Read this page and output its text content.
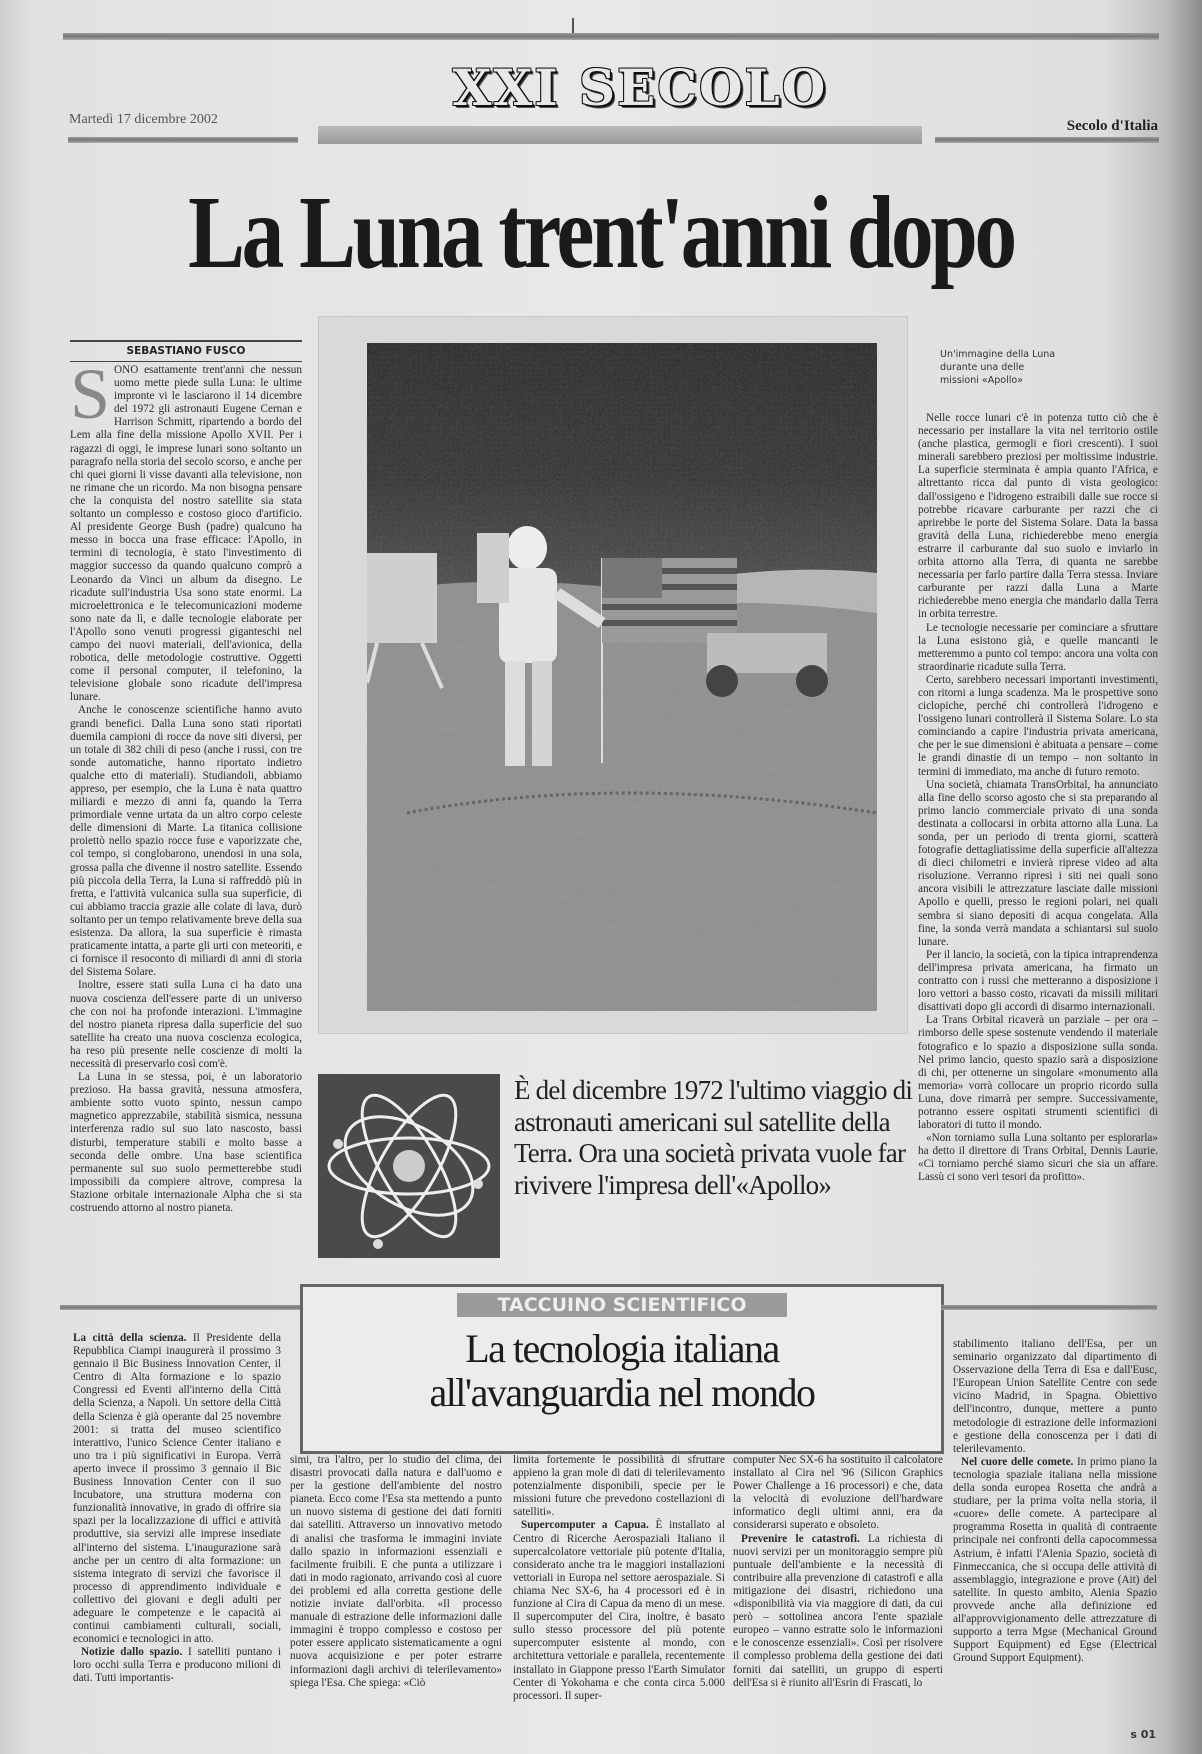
XXI SECOLO
Martedì 17 dicembre 2002	Secolo d'Italia
La Luna trent'anni dopo
SEBASTIANO FUSCO

SONO esattamente trent'anni che nessun uomo mette piede sulla Luna: le ultime impronte vi le lasciarono il 14 dicembre del 1972 gli astronauti Eugene Cernan e Harrison Schmitt, ripartendo a bordo del Lem alla fine della missione Apollo XVII. Per i ragazzi di oggi, le imprese lunari sono soltanto un paragrafo nella storia del secolo scorso, e anche per chi quei giorni li visse davanti alla televisione, non ne rimane che un ricordo. Ma non bisogna pensare che la conquista del nostro satellite sia stata soltanto un complesso e costoso gioco d'artificio. Al presidente George Bush (padre) qualcuno ha messo in bocca una frase efficace: l'Apollo, in termini di tecnologia, è stato l'investimento di maggior successo da quando qualcuno comprò a Leonardo da Vinci un album da disegno. Le ricadute sull'industria Usa sono state enormi. La microelettronica e le telecomunicazioni moderne sono nate da lì, e dalle tecnologie elaborate per l'Apollo sono venuti progressi giganteschi nel campo dei nuovi materiali, dell'avionica, della robotica, delle metodologie costruttive. Oggetti come il personal computer, il telefonino, la televisione globale sono ricadute dell'impresa lunare.

Anche le conoscenze scientifiche hanno avuto grandi benefici. Dalla Luna sono stati riportati duemila campioni di rocce da nove siti diversi, per un totale di 382 chili di peso (anche i russi, con tre sonde automatiche, hanno riportato indietro qualche etto di materiali). Studiandoli, abbiamo appreso, per esempio, che la Luna è nata quattro miliardi e mezzo di anni fa, quando la Terra primordiale venne urtata da un altro corpo celeste delle dimensioni di Marte. La titanica collisione proiettò nello spazio rocce fuse e vaporizzate che, col tempo, si conglobarono, unendosi in una sola, grossa palla che divenne il nostro satellite. Essendo più piccola della Terra, la Luna si raffreddò più in fretta, e l'attività vulcanica sulla sua superficie, di cui abbiamo traccia grazie alle colate di lava, durò soltanto per un tempo relativamente breve della sua esistenza. Da allora, la sua superficie è rimasta praticamente intatta, a parte gli urti con meteoriti, e ci fornisce il resoconto di miliardi di anni di storia del Sistema Solare.

Inoltre, essere stati sulla Luna ci ha dato una nuova coscienza dell'essere parte di un universo che con noi ha profonde interazioni. L'immagine del nostro pianeta ripresa dalla superficie del suo satellite ha creato una nuova coscienza ecologica, ha reso più presente nelle coscienze di molti la necessità di preservarlo così com'è.

La Luna in se stessa, poi, è un laboratorio prezioso. Ha bassa gravità, nessuna atmosfera, ambiente sotto vuoto spinto, nessun campo magnetico apprezzabile, stabilità sismica, nessuna interferenza radio sul suo lato nascosto, bassi disturbi, temperature stabili e molto basse a seconda delle ombre. Una base scientifica permanente sul suo suolo permetterebbe studi impossibili da compiere altrove, compresa la Stazione orbitale internazionale Alpha che si sta costruendo attorno al nostro pianeta.

Un'immagine della Luna durante una delle missioni «Apollo»

Nelle rocce lunari c'è in potenza tutto ciò che è necessario per installare la vita nel territorio ostile (anche plastica, germogli e fiori crescenti). I suoi minerali sarebbero preziosi per moltissime industrie. La superficie sterminata è ampia quanto l'Africa, e altrettanto ricca dal punto di vista geologico: dall'ossigeno e l'idrogeno estraibili dalle sue rocce si potrebbe ricavare carburante per razzi che ci aprirebbe le porte del Sistema Solare. Data la bassa gravità della Luna, richiederebbe meno energia estrarre il carburante dal suo suolo e inviarlo in orbita attorno alla Terra, di quanta ne sarebbe necessaria per farlo partire dalla Terra stessa. Inviare carburante per razzi dalla Luna a Marte richiederebbe meno energia che mandarlo dalla Terra in orbita terrestre.

Le tecnologie necessarie per cominciare a sfruttare la Luna esistono già, e quelle mancanti le metteremmo a punto col tempo: ancora una volta con straordinarie ricadute sulla Terra.

Certo, sarebbero necessari importanti investimenti, con ritorni a lunga scadenza. Ma le prospettive sono ciclopiche, perché chi controllerà l'idrogeno e l'ossigeno lunari controllerà il Sistema Solare. Lo sta cominciando a capire l'industria privata americana, che per le sue dimensioni è abituata a pensare – come le grandi dinastie di un tempo – non soltanto in termini di immediato, ma anche di futuro remoto.

Una società, chiamata TransOrbital, ha annunciato alla fine dello scorso agosto che si sta preparando al primo lancio commerciale privato di una sonda destinata a collocarsi in orbita attorno alla Luna. La sonda, per un periodo di trenta giorni, scatterà fotografie dettagliatissime della superficie all'altezza di dieci chilometri e invierà riprese video ad alta risoluzione. Verranno ripresi i siti nei quali sono ancora visibili le attrezzature lasciate dalle missioni Apollo e quelli, presso le regioni polari, nei quali sembra si siano depositi di acqua congelata. Alla fine, la sonda verrà mandata a schiantarsi sul suolo lunare.

Per il lancio, la società, con la tipica intraprendenza dell'impresa privata americana, ha firmato un contratto con i russi che metteranno a disposizione i loro vettori a basso costo, ricavati da missili militari disattivati dopo gli accordi di disarmo internazionali.

La Trans Orbital ricaverà un parziale – per ora – rimborso delle spese sostenute vendendo il materiale fotografico e lo spazio a disposizione sulla sonda. Nel primo lancio, questo spazio sarà a disposizione di chi, per ottenerne un singolare «monumento alla memoria» vorrà collocare un proprio ricordo sulla Luna, dove rimarrà per sempre. Successivamente, potranno essere ospitati strumenti scientifici di laboratori di tutto il mondo.

«Non torniamo sulla Luna soltanto per esplorarla» ha detto il direttore di Trans Orbital, Dennis Laurie. «Ci torniamo perché siamo sicuri che sia un affare. Lassù ci sono veri tesori da profitto».

È del dicembre 1972 l'ultimo viaggio di astronauti americani sul satellite della Terra. Ora una società privata vuole far rivivere l'impresa dell'«Apollo»
TACCUINO SCIENTIFICO
La tecnologia italiana
all'avanguardia nel mondo

La città della scienza. Il Presidente della Repubblica Ciampi inaugurerà il prossimo 3 gennaio il Bic Business Innovation Center, il Centro di Alta formazione e lo spazio Congressi ed Eventi all'interno della Città della Scienza, a Napoli. Un settore della Città della Scienza è già operante dal 25 novembre 2001: si tratta del museo scientifico interattivo, l'unico Science Center italiano e uno tra i più significativi in Europa. Verrà aperto invece il prossimo 3 gennaio il Bic Business Innovation Center con il suo Incubatore, una struttura moderna con funzionalità innovative, in grado di offrire sia spazi per la localizzazione di uffici e attività produttive, sia servizi alle imprese insediate all'interno del sistema. L'inaugurazione sarà anche per un centro di alta formazione: un sistema integrato di servizi che favorisce il processo di apprendimento individuale e collettivo dei giovani e degli adulti per adeguare le competenze e le capacità ai continui cambiamenti culturali, sociali, economici e tecnologici in atto.

Notizie dallo spazio. I satelliti puntano i loro occhi sulla Terra e producono milioni di dati. Tutti importantis-

simi, tra l'altro, per lo studio del clima, dei disastri provocati dalla natura e dall'uomo e per la gestione dell'ambiente del nostro pianeta. Ecco come l'Esa sta mettendo a punto un nuovo sistema di gestione dei dati forniti dai satelliti. Attraverso un innovativo metodo di analisi che trasforma le immagini inviate dallo spazio in informazioni essenziali e facilmente fruibili. E che punta a utilizzare i dati in modo ragionato, arrivando così al cuore dei problemi ed alla corretta gestione delle notizie inviate dall'orbita. «Il processo manuale di estrazione delle informazioni dalle immagini è troppo complesso e costoso per poter essere applicato sistematicamente a ogni nuova acquisizione e per poter estrarre informazioni dagli archivi di telerilevamento» spiega l'Esa. Che spiega: «Ciò

limita fortemente le possibilità di sfruttare appieno la gran mole di dati di telerilevamento potenzialmente disponibili, specie per le missioni future che prevedono costellazioni di satelliti».

Supercomputer a Capua. È installato al Centro di Ricerche Aerospaziali Italiano il supercalcolatore vettoriale più potente d'Italia, considerato anche tra le maggiori installazioni vettoriali in Europa nel settore aerospaziale. Si chiama Nec SX-6, ha 4 processori ed è in funzione al Cira di Capua da meno di un mese. Il supercomputer del Cira, inoltre, è basato sullo stesso processore del più potente supercomputer esistente al mondo, con architettura vettoriale e parallela, recentemente installato in Giappone presso l'Earth Simulator Center di Yokohama e che conta circa 5.000 processori. Il super-

computer Nec SX-6 ha sostituito il calcolatore installato al Cira nel '96 (Silicon Graphics Power Challenge a 16 processori) e che, data la velocità di evoluzione dell'hardware informatico degli ultimi anni, era da considerarsi superato e obsoleto.

Prevenire le catastrofi. La richiesta di nuovi servizi per un monitoraggio sempre più puntuale dell'ambiente e la necessità di contribuire alla prevenzione di catastrofi e alla mitigazione dei disastri, richiedono una «disponibilità via via maggiore di dati, da cui però – sottolinea ancora l'ente spaziale europeo – vanno estratte solo le informazioni e le conoscenze essenziali». Così per risolvere il complesso problema della gestione dei dati forniti dai satelliti, un gruppo di esperti dell'Esa si è riunito all'Esrin di Frascati, lo

stabilimento italiano dell'Esa, per un seminario organizzato dal dipartimento di Osservazione della Terra di Esa e dall'Eusc, l'European Union Satellite Centre con sede vicino Madrid, in Spagna. Obiettivo dell'incontro, dunque, mettere a punto metodologie di estrazione delle informazioni e gestione della conoscenza per i dati di telerilevamento.

Nel cuore delle comete. In primo piano la tecnologia spaziale italiana nella missione della sonda europea Rosetta che andrà a studiare, per la prima volta nella storia, il «cuore» delle comete. A partecipare al programma Rosetta in qualità di contraente principale nei confronti della capocommessa Astrium, è infatti l'Alenia Spazio, società di Finmeccanica, che si occupa delle attività di assemblaggio, integrazione e prove (Ait) del satellite. In questo ambito, Alenia Spazio provvede anche alla definizione ed all'approvvigionamento delle attrezzature di supporto a terra Mgse (Mechanical Ground Support Equipment) ed Egse (Electrical Ground Support Equipment).

s 01
